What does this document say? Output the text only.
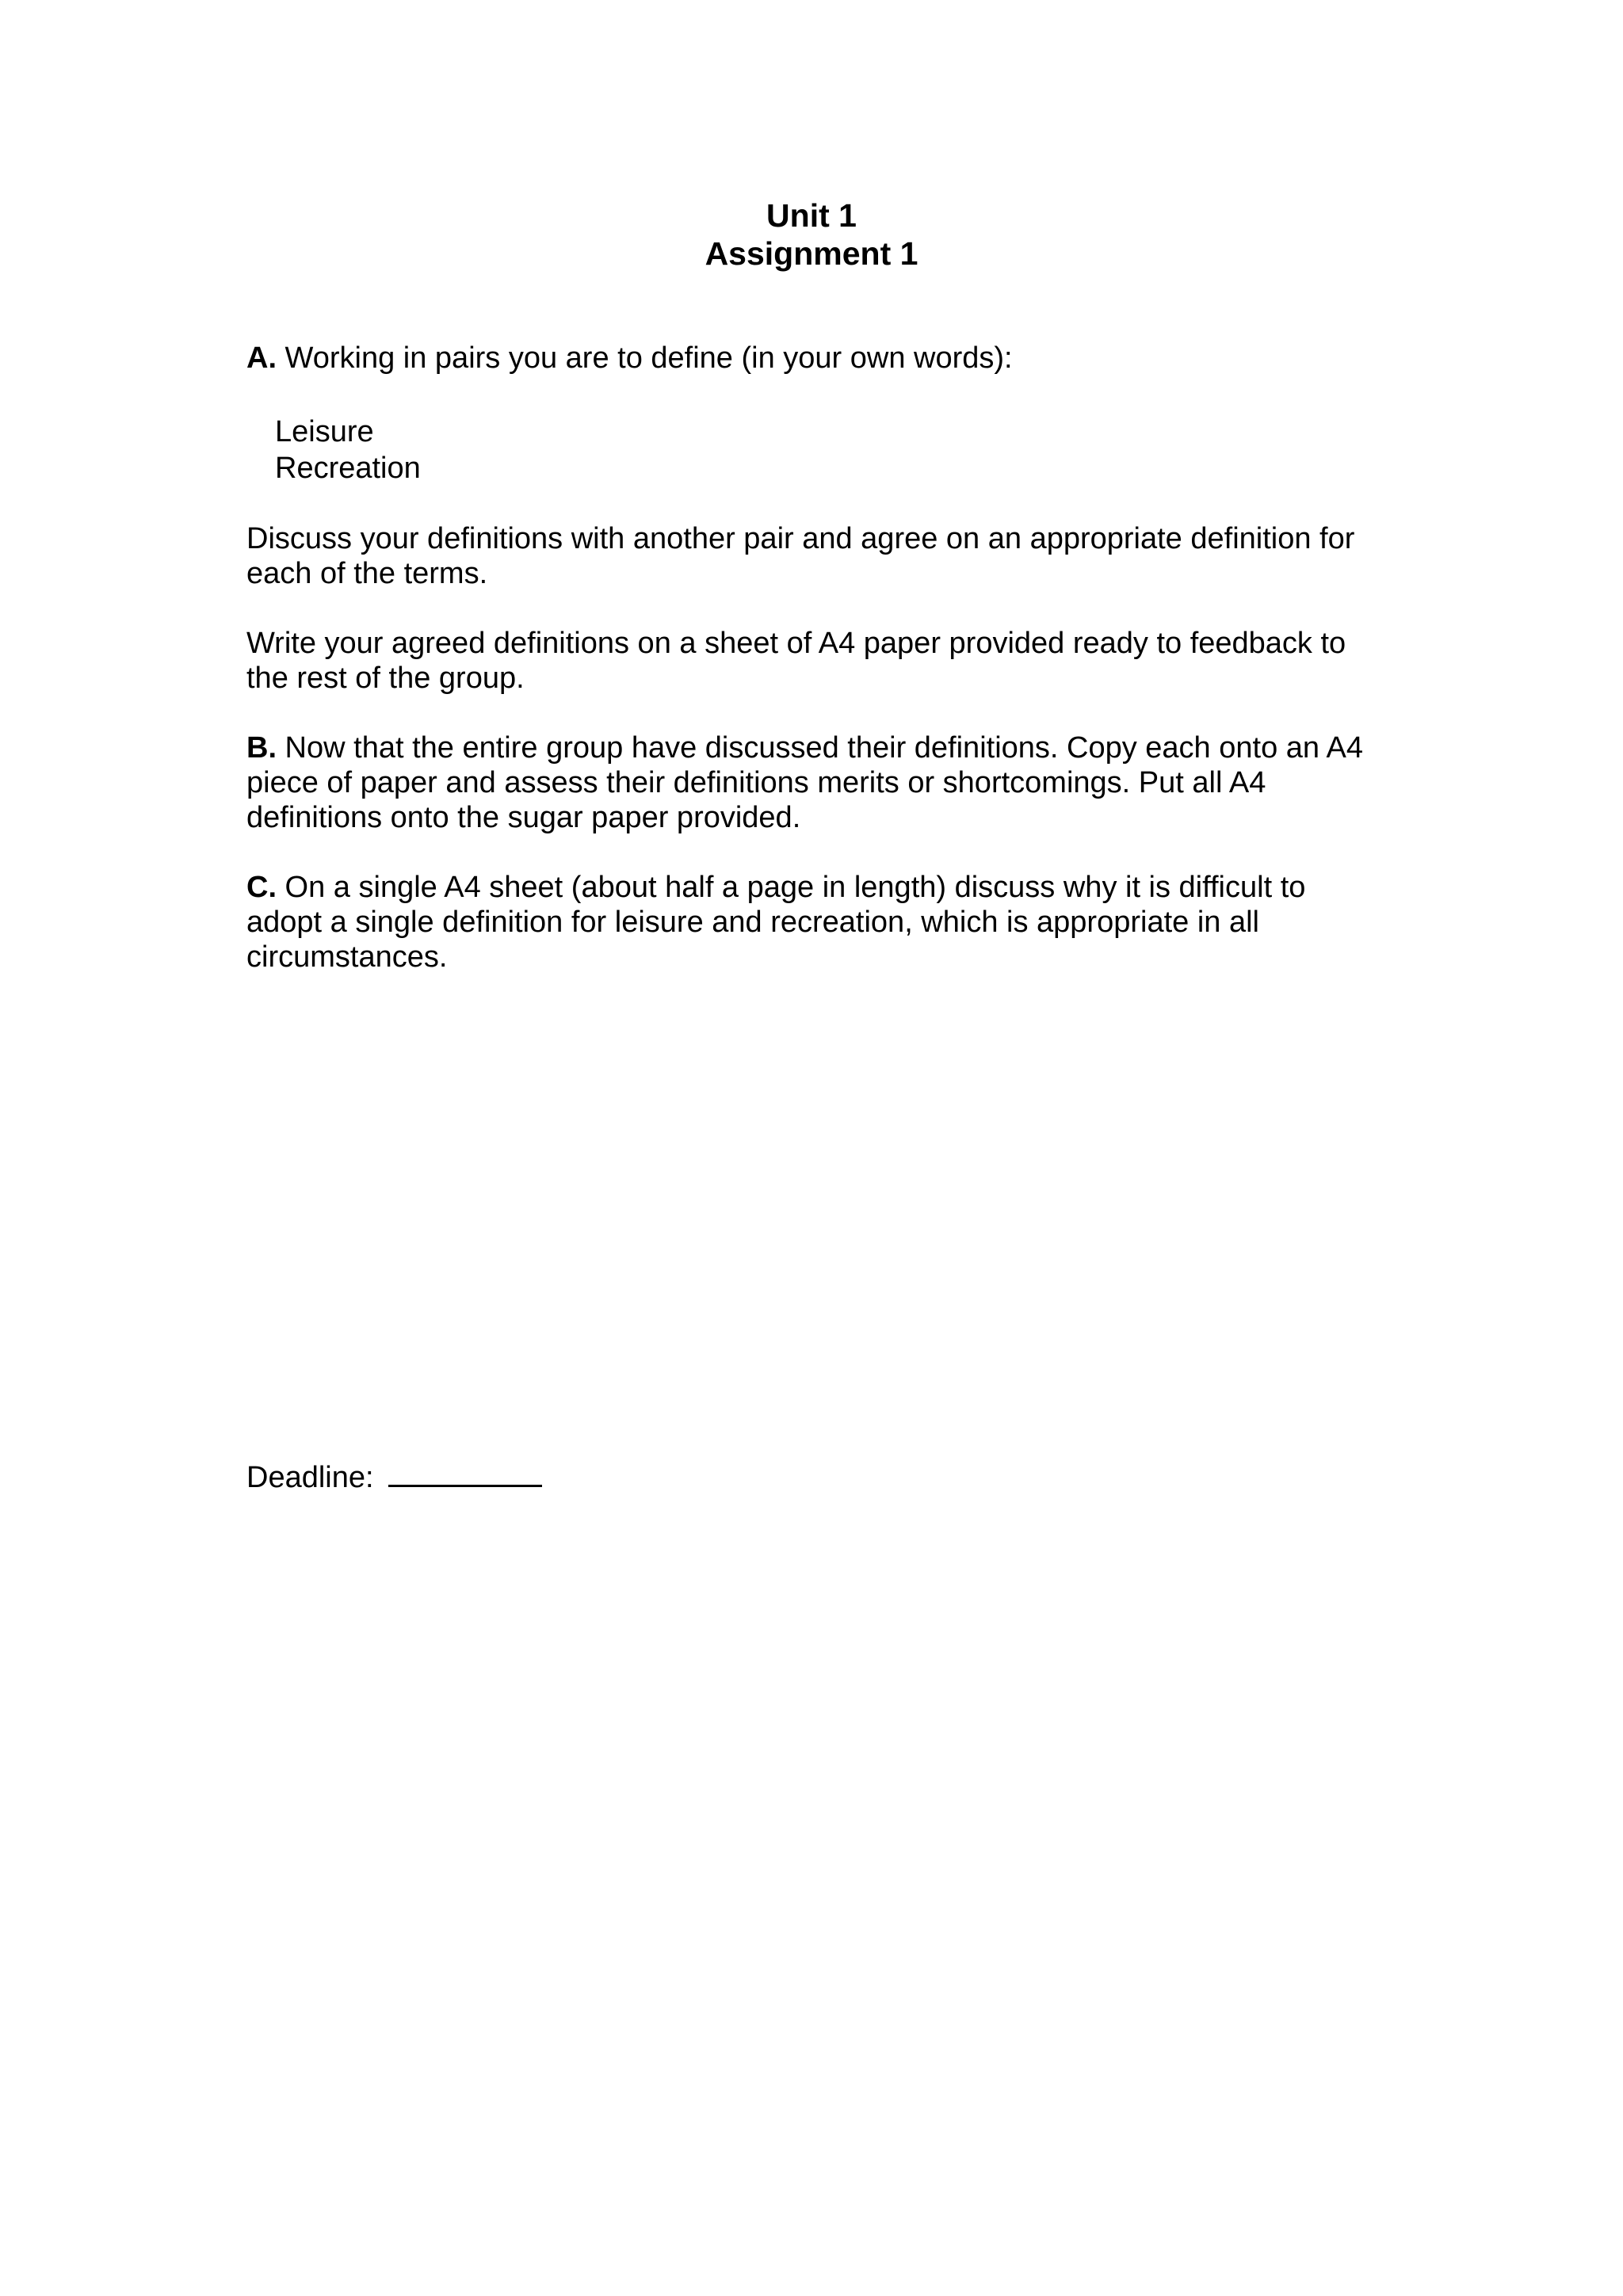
Unit 1
Assignment 1
A. Working in pairs you are to define (in your own words):
Leisure
Recreation
Discuss your definitions with another pair and agree on an appropriate definition for
each of the terms.
Write your agreed definitions on a sheet of A4 paper provided ready to feedback to
the rest of the group.
B. Now that the entire group have discussed their definitions. Copy each onto an A4
piece of paper and assess their definitions merits or shortcomings. Put all A4
definitions onto the sugar paper provided.
C. On a single A4 sheet (about half a page in length) discuss why it is difficult to
adopt a single definition for leisure and recreation, which is appropriate in all
circumstances.
Deadline:
